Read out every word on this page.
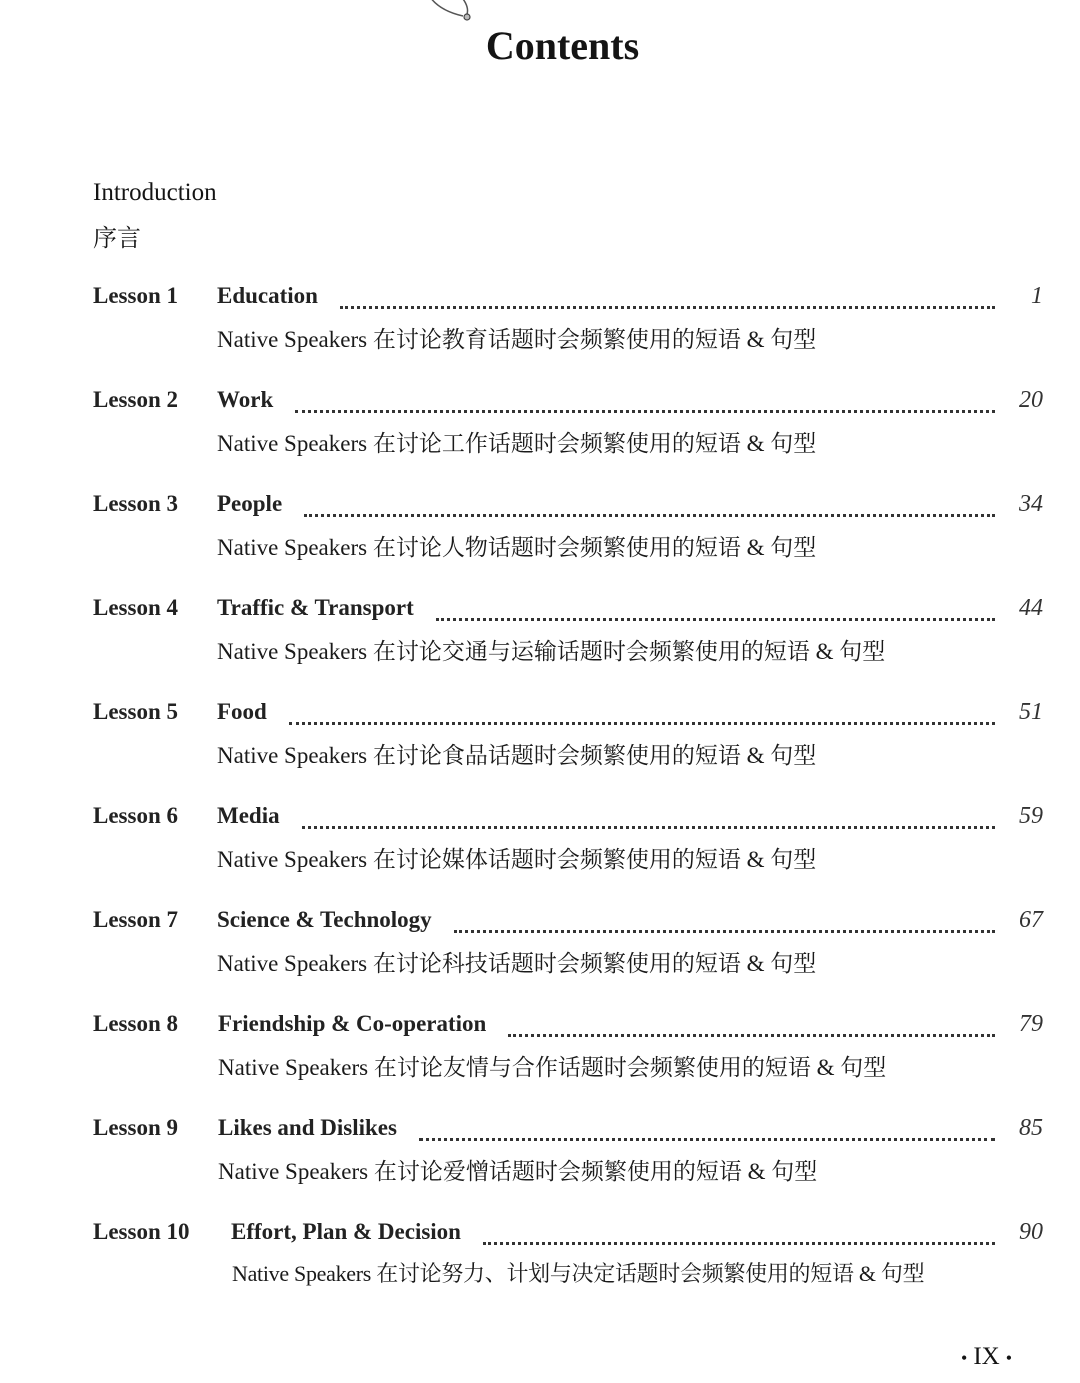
Contents
Introduction
序言
Lesson 1 Education	1
Native Speakers 在讨论教育话题时会频繁使用的短语 & 句型
Lesson 2 Work	20
Native Speakers 在讨论工作话题时会频繁使用的短语 & 句型
Lesson 3 People	34
Native Speakers 在讨论人物话题时会频繁使用的短语 & 句型
Lesson 4 Traffic & Transport	44
Native Speakers 在讨论交通与运输话题时会频繁使用的短语 & 句型
Lesson 5 Food	51
Native Speakers 在讨论食品话题时会频繁使用的短语 & 句型
Lesson 6 Media	59
Native Speakers 在讨论媒体话题时会频繁使用的短语 & 句型
Lesson 7 Science & Technology	67
Native Speakers 在讨论科技话题时会频繁使用的短语 & 句型
Lesson 8 Friendship & Co-operation	79
Native Speakers 在讨论友情与合作话题时会频繁使用的短语 & 句型
Lesson 9 Likes and Dislikes	85
Native Speakers 在讨论爱憎话题时会频繁使用的短语 & 句型
Lesson 10 Effort, Plan & Decision	90
Native Speakers 在讨论努力、计划与决定话题时会频繁使用的短语 & 句型
• IX •
